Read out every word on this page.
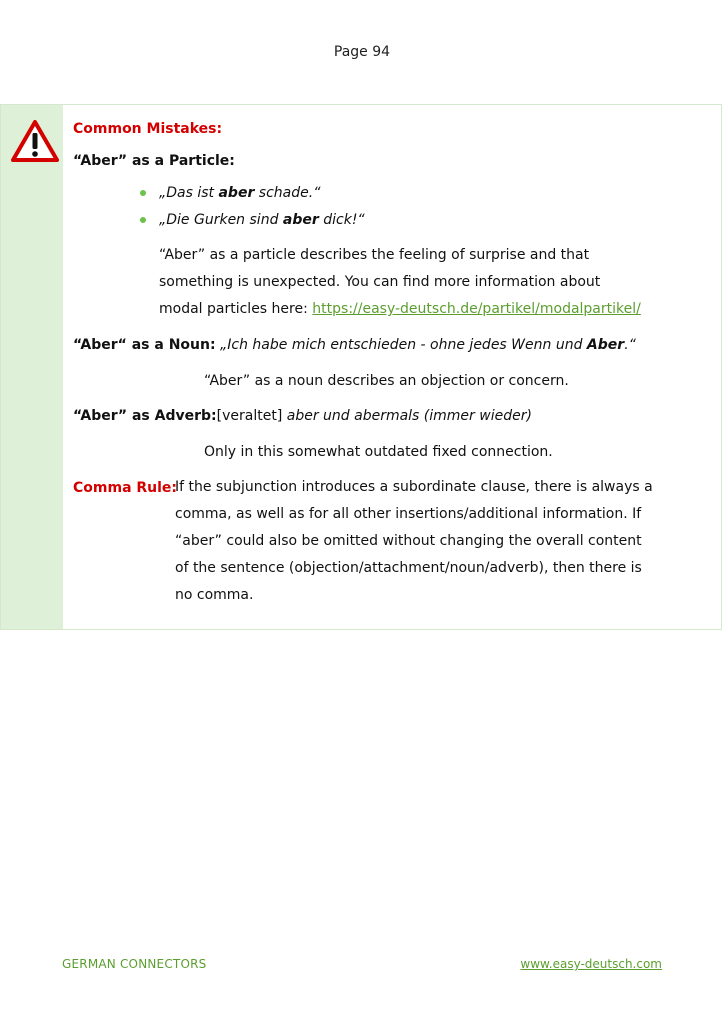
Page 94
Common Mistakes:
“Aber” as a Particle:
„Das ist aber schade.“
„Die Gurken sind aber dick!“
“Aber” as a particle describes the feeling of surprise and that
something is unexpected. You can find more information about
modal particles here: https://easy-deutsch.de/partikel/modalpartikel/
“Aber“ as a Noun: „Ich habe mich entschieden - ohne jedes Wenn und Aber.“
“Aber” as a noun describes an objection or concern.
“Aber” as Adverb:[veraltet] aber und abermals (immer wieder)
Only in this somewhat outdated fixed connection.
Comma Rule:
If the subjunction introduces a subordinate clause, there is always a
comma, as well as for all other insertions/additional information. If
“aber” could also be omitted without changing the overall content
of the sentence (objection/attachment/noun/adverb), then there is
no comma.
GERMAN CONNECTORS	www.easy-deutsch.com
